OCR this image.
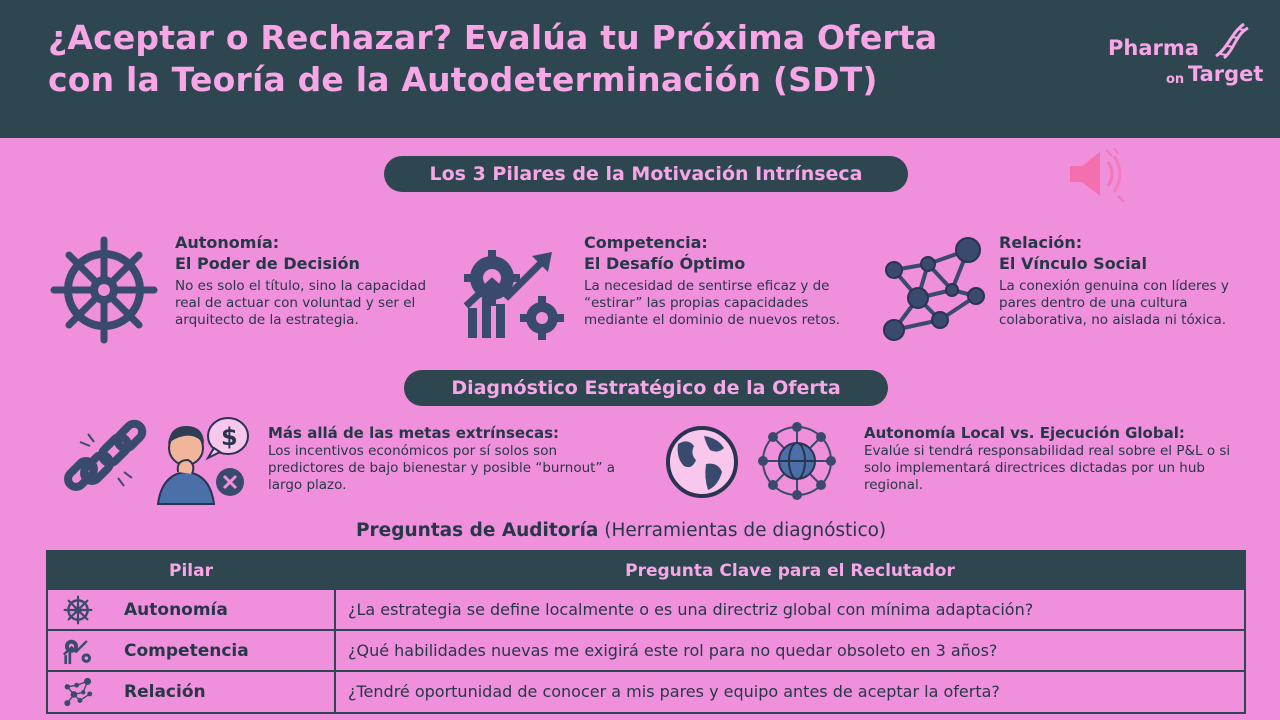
¿Aceptar o Rechazar? Evalúa tu Próxima Oferta
con la Teoría de la Autodeterminación (SDT)
Pharma
on Target
Los 3 Pilares de la Motivación Intrínseca
Autonomía:
El Poder de Decisión
No es solo el título, sino la capacidad real de actuar con voluntad y ser el arquitecto de la estrategia.
Competencia:
El Desafío Óptimo
La necesidad de sentirse eficaz y de “estirar” las propias capacidades mediante el dominio de nuevos retos.
Relación:
El Vínculo Social
La conexión genuina con líderes y pares dentro de una cultura colaborativa, no aislada ni tóxica.
Diagnóstico Estratégico de la Oferta
$ Más allá de las metas extrínsecas:
Los incentivos económicos por sí solos son predictores de bajo bienestar y posible “burnout” a largo plazo.
Autonomía Local vs. Ejecución Global:
Evalúe si tendrá responsabilidad real sobre el P&L o si solo implementará directrices dictadas por un hub regional.
Preguntas de Auditoría (Herramientas de diagnóstico)
Pilar	Pregunta Clave para el Reclutador
Autonomía	¿La estrategia se define localmente o es una directriz global con mínima adaptación?
Competencia	¿Qué habilidades nuevas me exigirá este rol para no quedar obsoleto en 3 años?
Relación	¿Tendré oportunidad de conocer a mis pares y equipo antes de aceptar la oferta?
